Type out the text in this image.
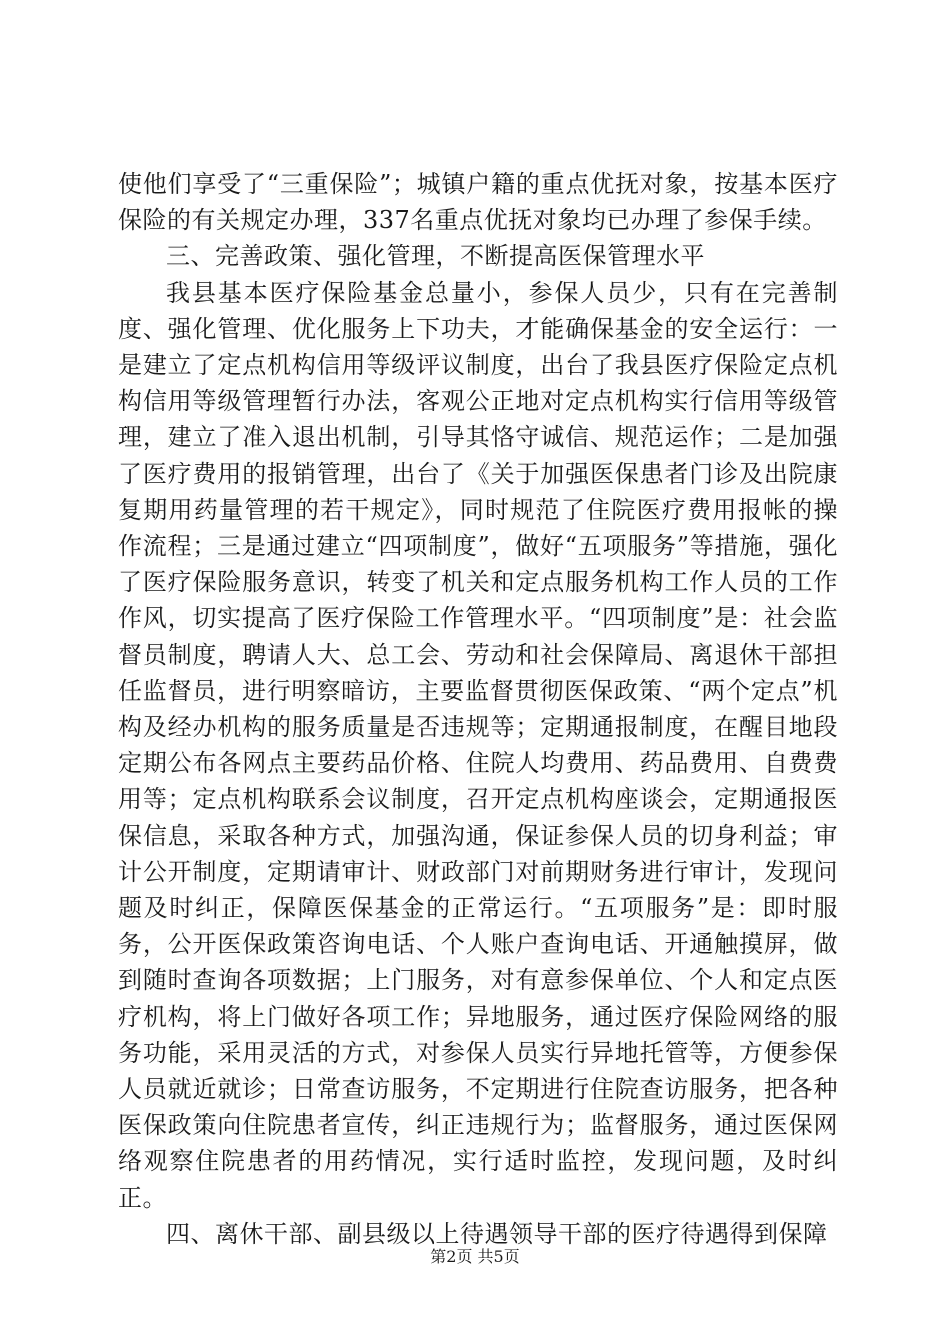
使他们享受了“三重保险”；城镇户籍的重点优抚对象，按基本医疗保险的有关规定办理，337名重点优抚对象均已办理了参保手续。

三、完善政策、强化管理，不断提高医保管理水平

我县基本医疗保险基金总量小，参保人员少，只有在完善制度、强化管理、优化服务上下功夫，才能确保基金的安全运行：一是建立了定点机构信用等级评议制度，出台了我县医疗保险定点机构信用等级管理暂行办法，客观公正地对定点机构实行信用等级管理，建立了准入退出机制，引导其恪守诚信、规范运作；二是加强了医疗费用的报销管理，出台了《关于加强医保患者门诊及出院康复期用药量管理的若干规定》，同时规范了住院医疗费用报帐的操作流程；三是通过建立“四项制度”，做好“五项服务”等措施，强化了医疗保险服务意识，转变了机关和定点服务机构工作人员的工作作风，切实提高了医疗保险工作管理水平。“四项制度”是：社会监督员制度，聘请人大、总工会、劳动和社会保障局、离退休干部担任监督员，进行明察暗访，主要监督贯彻医保政策、“两个定点”机构及经办机构的服务质量是否违规等；定期通报制度，在醒目地段定期公布各网点主要药品价格、住院人均费用、药品费用、自费费用等；定点机构联系会议制度，召开定点机构座谈会，定期通报医保信息，采取各种方式，加强沟通，保证参保人员的切身利益；审计公开制度，定期请审计、财政部门对前期财务进行审计，发现问题及时纠正，保障医保基金的正常运行。“五项服务”是：即时服务，公开医保政策咨询电话、个人账户查询电话、开通触摸屏，做到随时查询各项数据；上门服务，对有意参保单位、个人和定点医疗机构，将上门做好各项工作；异地服务，通过医疗保险网络的服务功能，采用灵活的方式，对参保人员实行异地托管等，方便参保人员就近就诊；日常查访服务，不定期进行住院查访服务，把各种医保政策向住院患者宣传，纠正违规行为；监督服务，通过医保网络观察住院患者的用药情况，实行适时监控，发现问题，及时纠正。

四、离休干部、副县级以上待遇领导干部的医疗待遇得到保障

第2页 共5页
